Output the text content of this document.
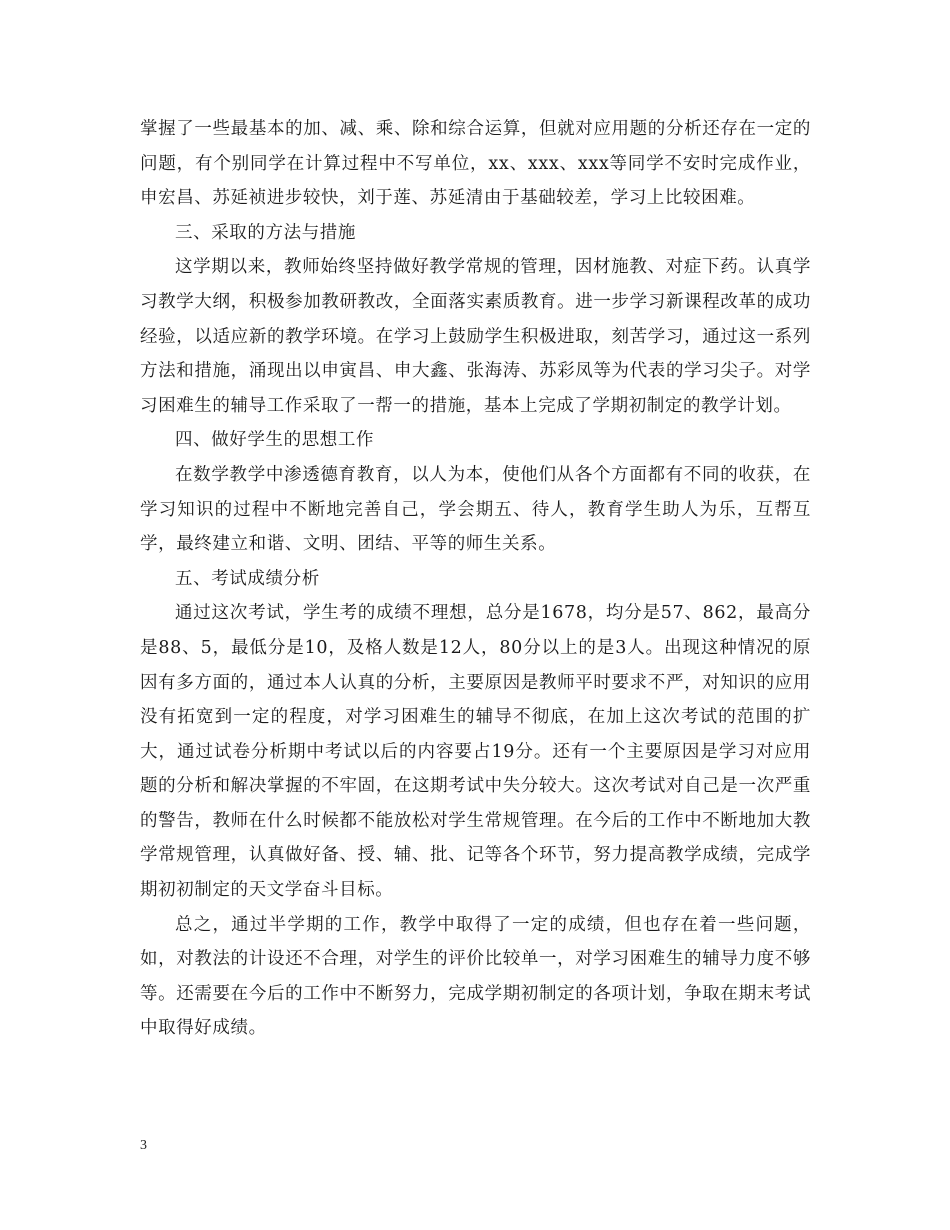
掌握了一些最基本的加、减、乘、除和综合运算，但就对应用题的分析还存在一定的问题，有个别同学在计算过程中不写单位，xx、xxx、xxx等同学不安时完成作业，申宏昌、苏延祯进步较快，刘于莲、苏延清由于基础较差，学习上比较困难。

三、采取的方法与措施

这学期以来，教师始终坚持做好教学常规的管理，因材施教、对症下药。认真学习教学大纲，积极参加教研教改，全面落实素质教育。进一步学习新课程改革的成功经验，以适应新的教学环境。在学习上鼓励学生积极进取，刻苦学习，通过这一系列方法和措施，涌现出以申寅昌、申大鑫、张海涛、苏彩凤等为代表的学习尖子。对学习困难生的辅导工作采取了一帮一的措施，基本上完成了学期初制定的教学计划。

四、做好学生的思想工作

在数学教学中渗透德育教育，以人为本，使他们从各个方面都有不同的收获，在学习知识的过程中不断地完善自己，学会期五、待人，教育学生助人为乐，互帮互学，最终建立和谐、文明、团结、平等的师生关系。

五、考试成绩分析

通过这次考试，学生考的成绩不理想，总分是1678，均分是57、862，最高分是88、5，最低分是10，及格人数是12人，80分以上的是3人。出现这种情况的原因有多方面的，通过本人认真的分析，主要原因是教师平时要求不严，对知识的应用没有拓宽到一定的程度，对学习困难生的辅导不彻底，在加上这次考试的范围的扩大，通过试卷分析期中考试以后的内容要占19分。还有一个主要原因是学习对应用题的分析和解决掌握的不牢固，在这期考试中失分较大。这次考试对自己是一次严重的警告，教师在什么时候都不能放松对学生常规管理。在今后的工作中不断地加大教学常规管理，认真做好备、授、辅、批、记等各个环节，努力提高教学成绩，完成学期初初制定的天文学奋斗目标。

总之，通过半学期的工作，教学中取得了一定的成绩，但也存在着一些问题，如，对教法的计设还不合理，对学生的评价比较单一，对学习困难生的辅导力度不够等。还需要在今后的工作中不断努力，完成学期初制定的各项计划，争取在期末考试中取得好成绩。

3
